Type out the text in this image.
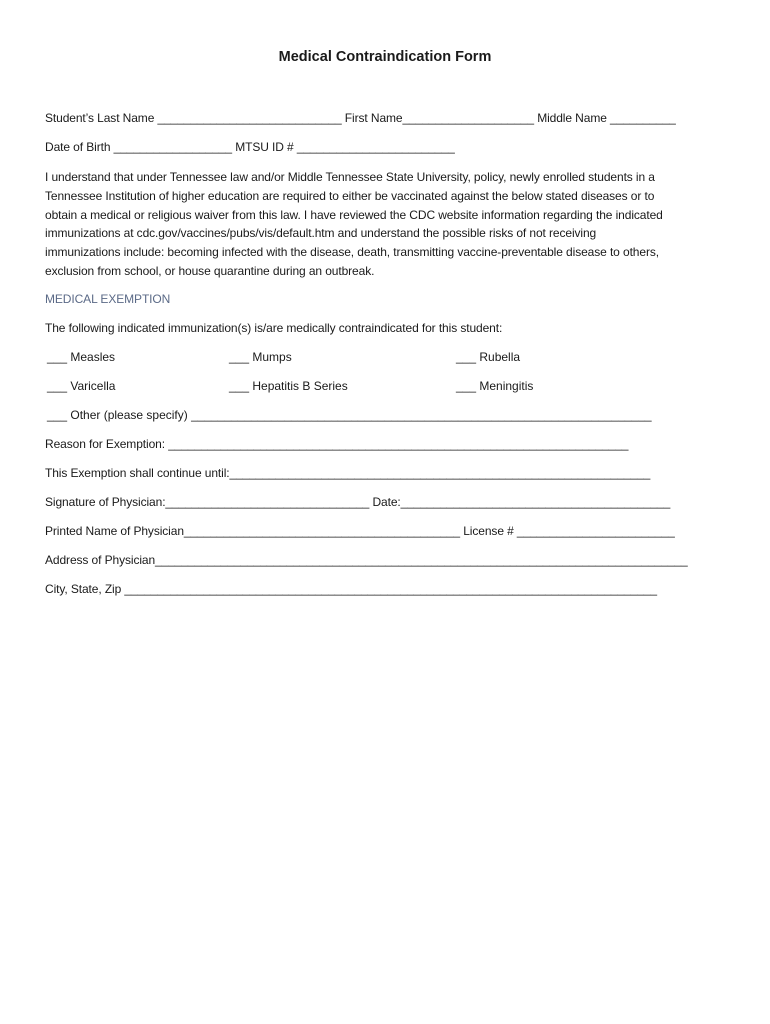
Medical Contraindication Form
Student’s Last Name ____________________________ First Name____________________ Middle Name __________
Date of Birth __________________ MTSU ID # ________________________
I understand that under Tennessee law and/or Middle Tennessee State University, policy, newly enrolled students in a
Tennessee Institution of higher education are required to either be vaccinated against the below stated diseases or to
obtain a medical or religious waiver from this law. I have reviewed the CDC website information regarding the indicated
immunizations at cdc.gov/vaccines/pubs/vis/default.htm and understand the possible risks of not receiving
immunizations include: becoming infected with the disease, death, transmitting vaccine-preventable disease to others,
exclusion from school, or house quarantine during an outbreak.
MEDICAL EXEMPTION
The following indicated immunization(s) is/are medically contraindicated for this student:
___ Measles	___ Mumps	___ Rubella
___ Varicella	___ Hepatitis B Series	___ Meningitis
___ Other (please specify) _____________________________________________________________________
Reason for Exemption: ______________________________________________________________________
This Exemption shall continue until:________________________________________________________________
Signature of Physician:_______________________________ Date:_________________________________________
Printed Name of Physician__________________________________________ License # ________________________
Address of Physician_________________________________________________________________________________
City, State, Zip _________________________________________________________________________________
